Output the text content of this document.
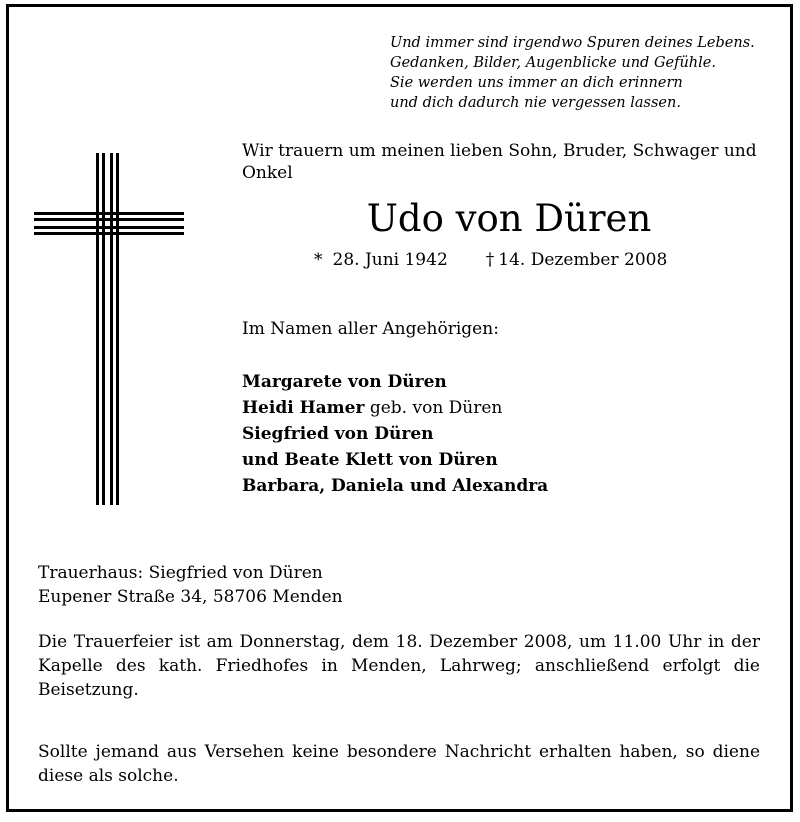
Und immer sind irgendwo Spuren deines Lebens.
Gedanken, Bilder, Augenblicke und Gefühle.
Sie werden uns immer an dich erinnern
und dich dadurch nie vergessen lassen.
Wir trauern um meinen lieben Sohn, Bruder, Schwager und Onkel
Udo von Düren
* 28. Juni 1942 † 14. Dezember 2008
Im Namen aller Angehörigen:
Margarete von Düren
Heidi Hamer geb. von Düren
Siegfried von Düren
und Beate Klett von Düren
Barbara, Daniela und Alexandra
Trauerhaus: Siegfried von Düren
Eupener Straße 34, 58706 Menden
Die Trauerfeier ist am Donnerstag, dem 18. Dezember 2008, um 11.00 Uhr in der Kapelle des kath. Friedhofes in Menden, Lahrweg; anschließend erfolgt die Beisetzung.
Sollte jemand aus Versehen keine besondere Nachricht erhalten haben, so diene diese als solche.
